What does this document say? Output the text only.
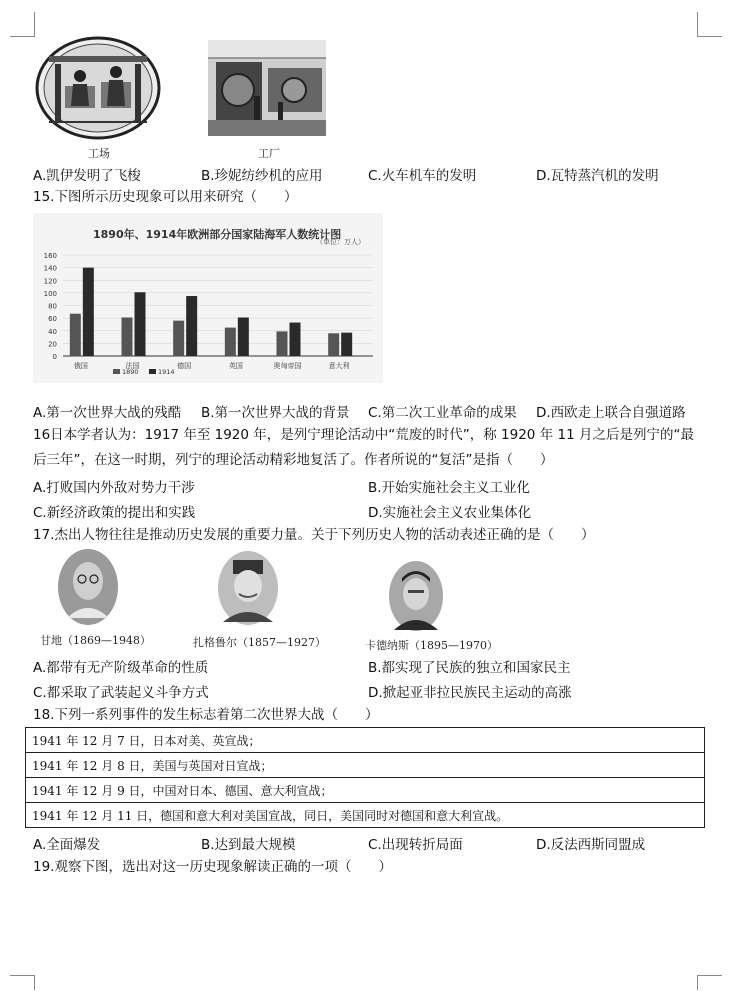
工场	工厂
A.凯伊发明了飞梭	B.珍妮纺纱机的应用	C.火车机车的发明	D.瓦特蒸汽机的发明
15.下图所示历史现象可以用来研究（　　）
1890年、1914年欧洲部分国家陆海军人数统计图
（单位：万人）
0
20
40
60
80
100
120
140
160
俄国	法国	德国	英国	奥匈帝国	意大利
1890	1914
A.第一次世界大战的残酷 B.第一次世界大战的背景 C.第二次工业革命的成果 D.西欧走上联合自强道路
16日本学者认为：1917 年至 1920 年，是列宁理论活动中“荒废的时代”，称 1920 年 11 月之后是列宁的“最
后三年”，在这一时期，列宁的理论活动精彩地复活了。作者所说的“复活”是指（　　）
A.打败国内外敌对势力干涉	B.开始实施社会主义工业化
C.新经济政策的提出和实践	D.实施社会主义农业集体化
17.杰出人物往往是推动历史发展的重要力量。关于下列历史人物的活动表述正确的是（　　）
甘地（1869—1948）	扎格鲁尔（1857—1927）	卡德纳斯（1895—1970）
A.都带有无产阶级革命的性质	B.都实现了民族的独立和国家民主
C.都采取了武装起义斗争方式	D.掀起亚非拉民族民主运动的高涨
18.下列一系列事件的发生标志着第二次世界大战（　　）
1941 年 12 月 7 日，日本对美、英宣战；
1941 年 12 月 8 日，美国与英国对日宣战；
1941 年 12 月 9 日，中国对日本、德国、意大利宣战；
1941 年 12 月 11 日，德国和意大利对美国宣战，同日，美国同时对德国和意大利宣战。
A.全面爆发	B.达到最大规模	C.出现转折局面	D.反法西斯同盟成
19.观察下图，选出对这一历史现象解读正确的一项（　　）
